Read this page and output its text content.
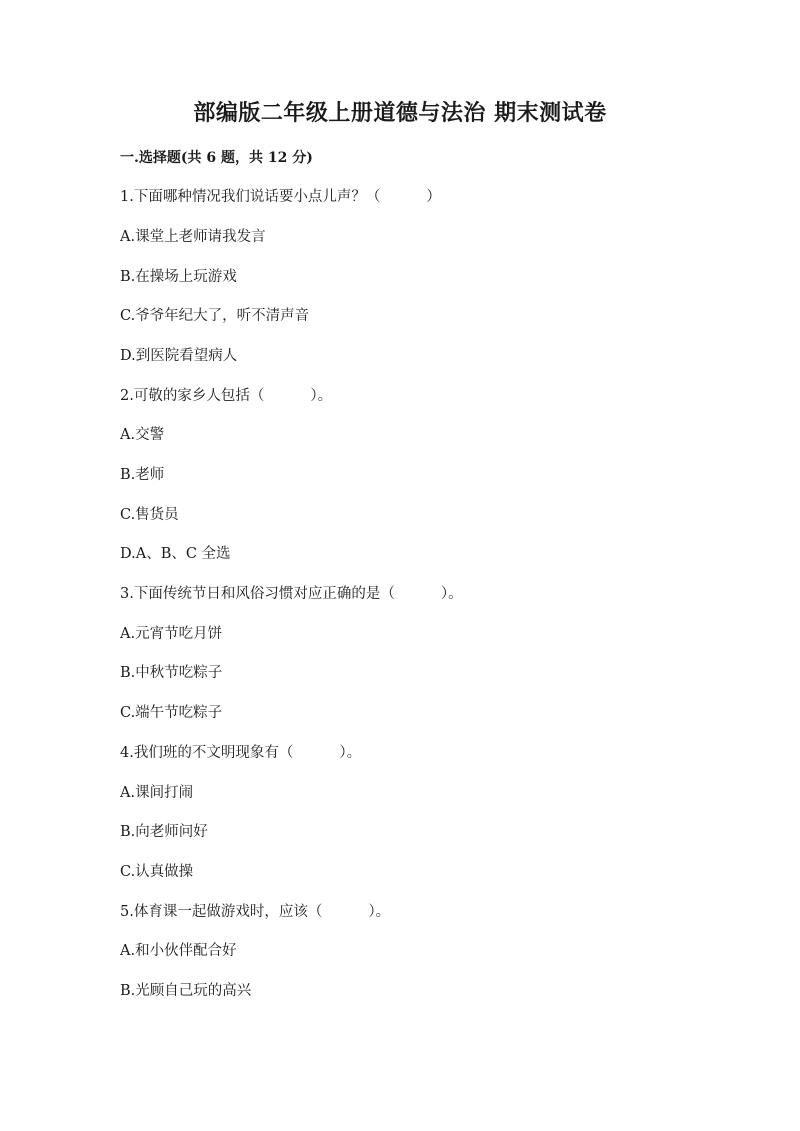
部编版二年级上册道德与法治 期末测试卷
一.选择题(共 6 题，共 12 分)
1.下面哪种情况我们说话要小点儿声？（          ）
A.课堂上老师请我发言
B.在操场上玩游戏
C.爷爷年纪大了，听不清声音
D.到医院看望病人
2.可敬的家乡人包括（          ）。
A.交警
B.老师
C.售货员
D.A、B、C 全选
3.下面传统节日和风俗习惯对应正确的是（          ）。
A.元宵节吃月饼
B.中秋节吃粽子
C.端午节吃粽子
4.我们班的不文明现象有（          ）。
A.课间打闹
B.向老师问好
C.认真做操
5.体育课一起做游戏时，应该（          ）。
A.和小伙伴配合好
B.光顾自己玩的高兴
